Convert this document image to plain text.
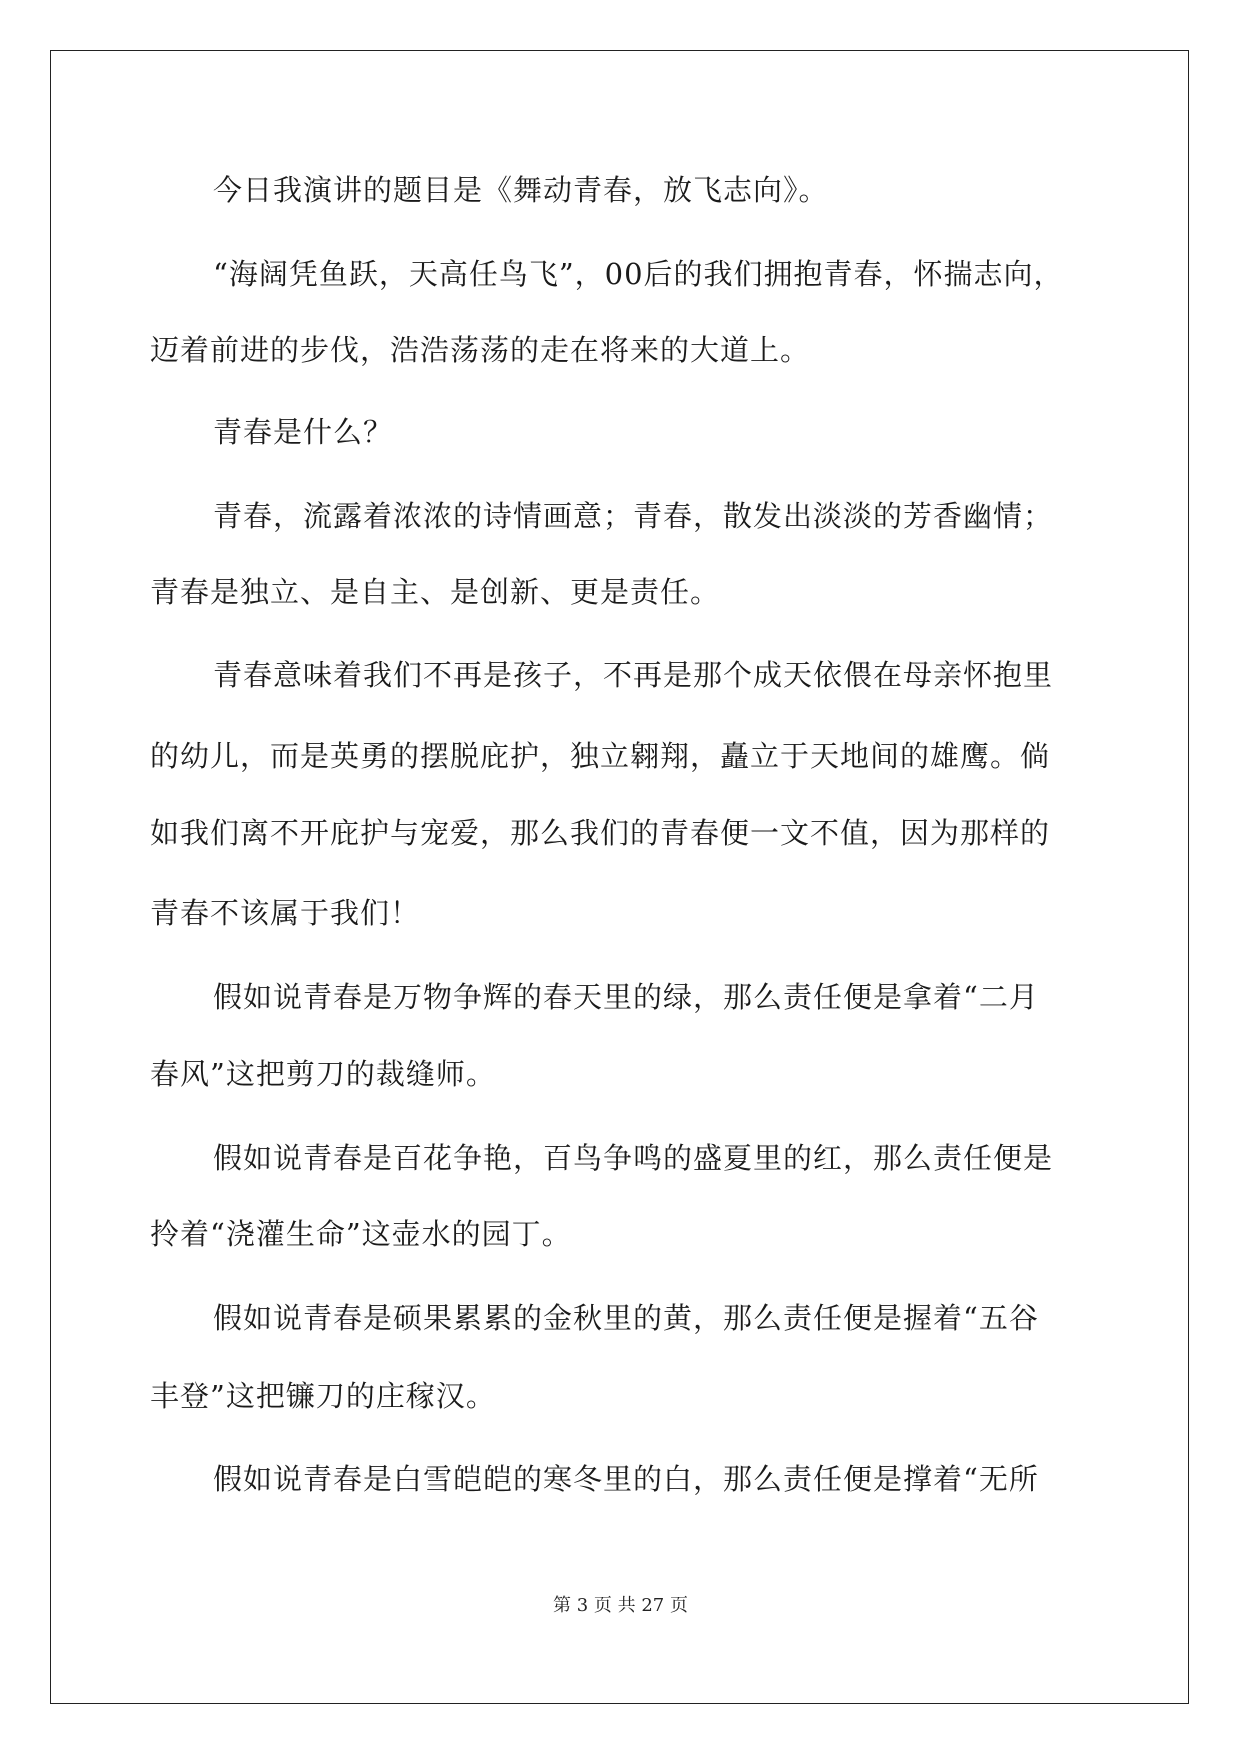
今日我演讲的题目是《舞动青春，放飞志向》。
“海阔凭鱼跃，天高任鸟飞”，00后的我们拥抱青春，怀揣志向，
迈着前进的步伐，浩浩荡荡的走在将来的大道上。
青春是什么？
青春，流露着浓浓的诗情画意；青春，散发出淡淡的芳香幽情；
青春是独立、是自主、是创新、更是责任。
青春意味着我们不再是孩子，不再是那个成天依偎在母亲怀抱里
的幼儿，而是英勇的摆脱庇护，独立翱翔，矗立于天地间的雄鹰。倘
如我们离不开庇护与宠爱，那么我们的青春便一文不值，因为那样的
青春不该属于我们！
假如说青春是万物争辉的春天里的绿，那么责任便是拿着“二月
春风”这把剪刀的裁缝师。
假如说青春是百花争艳，百鸟争鸣的盛夏里的红，那么责任便是
拎着“浇灌生命”这壶水的园丁。
假如说青春是硕果累累的金秋里的黄，那么责任便是握着“五谷
丰登”这把镰刀的庄稼汉。
假如说青春是白雪皑皑的寒冬里的白，那么责任便是撑着“无所
第 3 页 共 27 页
